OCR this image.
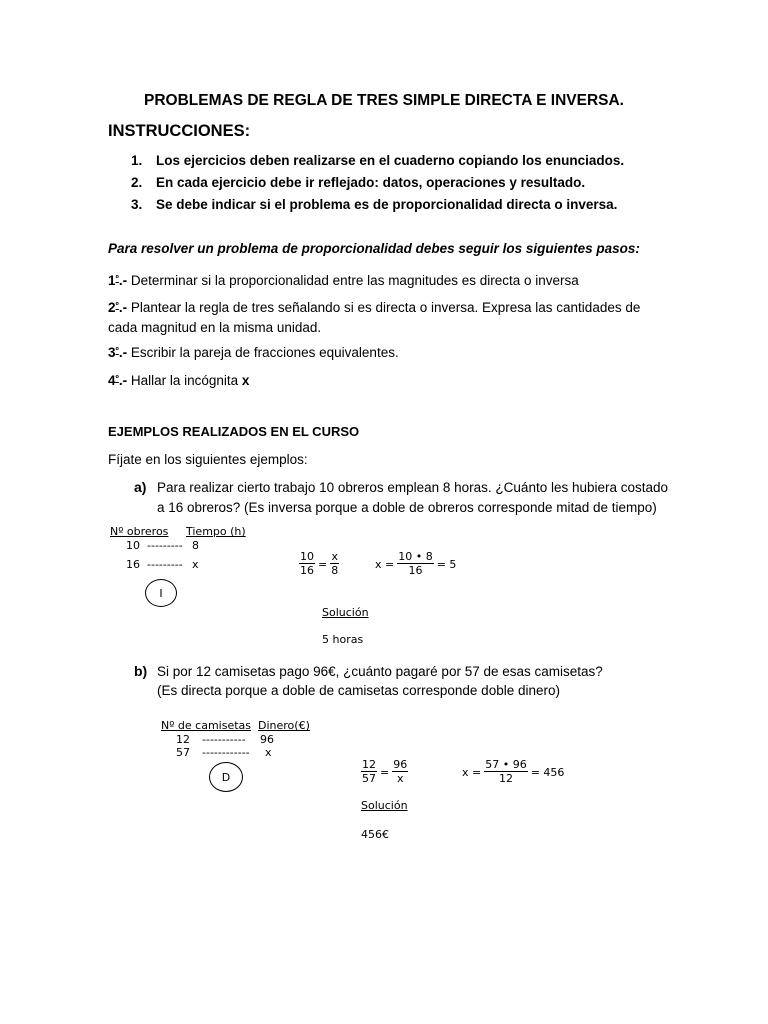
PROBLEMAS DE REGLA DE TRES SIMPLE DIRECTA E INVERSA.
INSTRUCCIONES:
1. Los ejercicios deben realizarse en el cuaderno copiando los enunciados.
2. En cada ejercicio debe ir reflejado: datos, operaciones y resultado.
3. Se debe indicar si el problema es de proporcionalidad directa o inversa.
Para resolver un problema de proporcionalidad debes seguir los siguientes pasos:
$1^º.-$ Determinar si la proporcionalidad entre las magnitudes es directa o inversa
$2^º.-$ Plantear la regla de tres señalando si es directa o inversa. Expresa las cantidades de cada magnitud en la misma unidad.
$3^º.-$ Escribir la pareja de fracciones equivalentes.
$4^º.-$ Hallar la incógnita x
EJEMPLOS REALIZADOS EN EL CURSO
Fíjate en los siguientes ejemplos:
a) Para realizar cierto trabajo 10 obreros emplean 8 horas. ¿Cuánto les hubiera costado a 16 obreros? (Es inversa porque a doble de obreros corresponde mitad de tiempo)
Nº obreros Tiempo (h)
10 --------- 8
16 --------- x
I
$\frac{10}{16} = \frac{x}{8}$	$x = \frac{10 • 8}{16} = 5$
Solución
5 horas
b) Si por 12 camisetas pago 96€, ¿cuánto pagaré por 57 de esas camisetas?
(Es directa porque a doble de camisetas corresponde doble dinero)
Nº de camisetas Dinero(€)
12 ----------- 96
57 ------------ x
D	$\frac{12}{57} = \frac{96}{x}$	$x = \frac{57 • 96}{12} = 456$
Solución
456€
